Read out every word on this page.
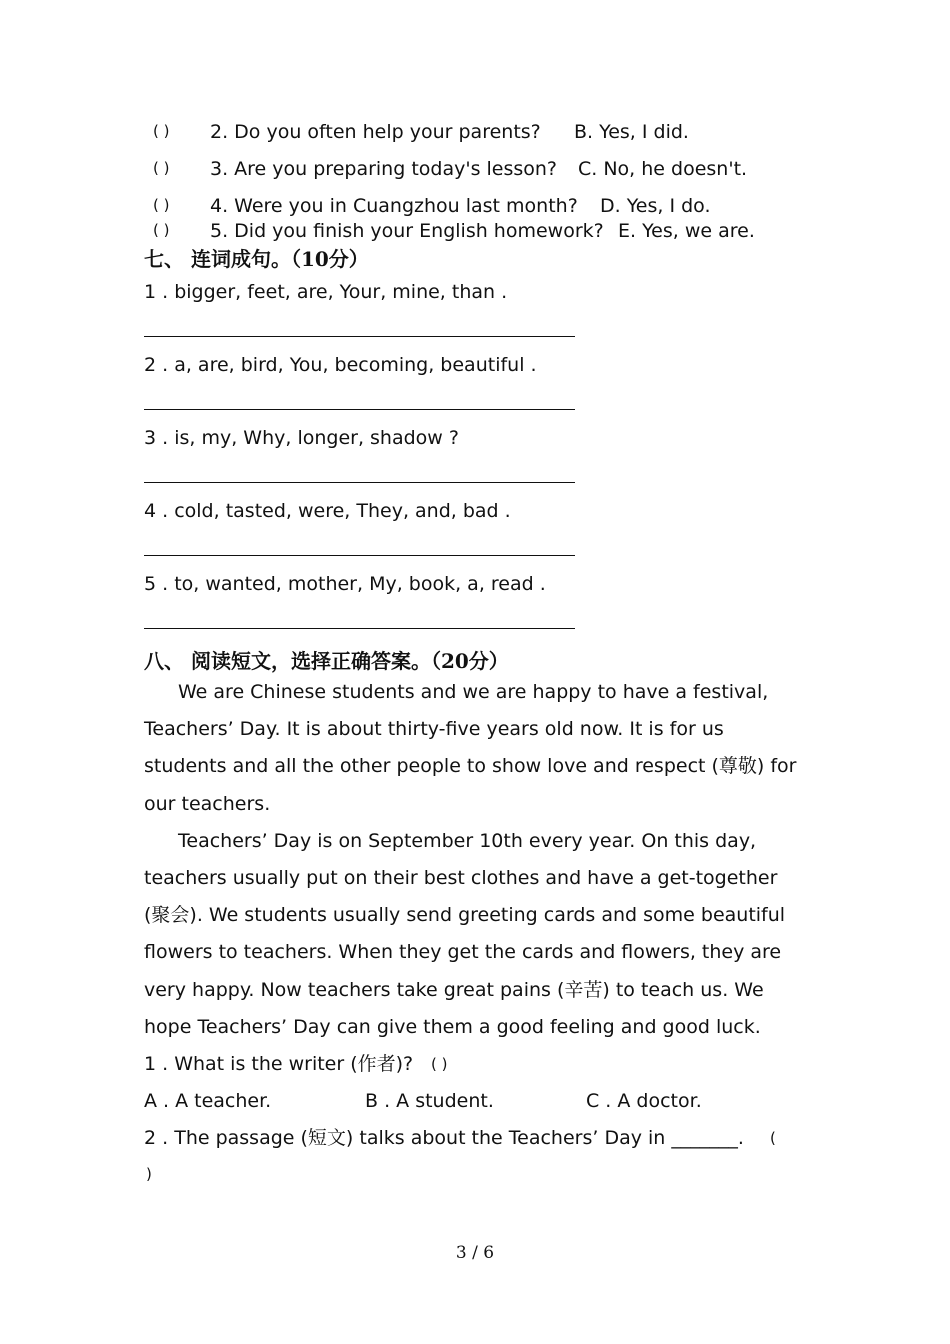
( ) 2. Do you often help your parents? B. Yes, I did.
( ) 3. Are you preparing today's lesson? C. No, he doesn't.
( ) 4. Were you in Cuangzhou last month? D. Yes, I do.
( ) 5. Did you finish your English homework? E. Yes, we are.
七、 连词成句。（10分）
1 . bigger, feet, are, Your, mine, than .
2 . a, are, bird, You, becoming, beautiful .
3 . is, my, Why, longer, shadow ?
4 . cold, tasted, were, They, and, bad .
5 . to, wanted, mother, My, book, a, read .
八、 阅读短文，选择正确答案。（20分）

We are Chinese students and we are happy to have a festival, Teachers’ Day. It is about thirty-five years old now. It is for us students and all the other people to show love and respect (尊敬) for our teachers.

Teachers’ Day is on September 10th every year. On this day, teachers usually put on their best clothes and have a get-together (聚会). We students usually send greeting cards and some beautiful flowers to teachers. When they get the cards and flowers, they are very happy. Now teachers take great pains (辛苦) to teach us. We hope Teachers’ Day can give them a good feeling and good luck.

1 . What is the writer (作者)? ( )
A . A teacher.	B . A student.	C . A doctor.
2 . The passage (短文) talks about the Teachers’ Day in _______. (
)
3 / 6
